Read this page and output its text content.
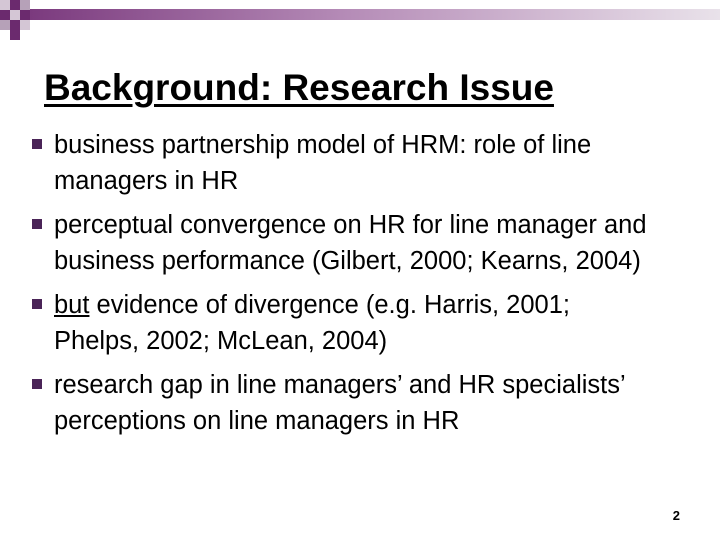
Background: Research Issue
business partnership model of HRM: role of line managers in HR
perceptual convergence on HR for line manager and business performance (Gilbert, 2000; Kearns, 2004)
but evidence of divergence (e.g. Harris, 2001; Phelps, 2002; McLean, 2004)
research gap in line managers’ and HR specialists’ perceptions on line managers in HR
2
